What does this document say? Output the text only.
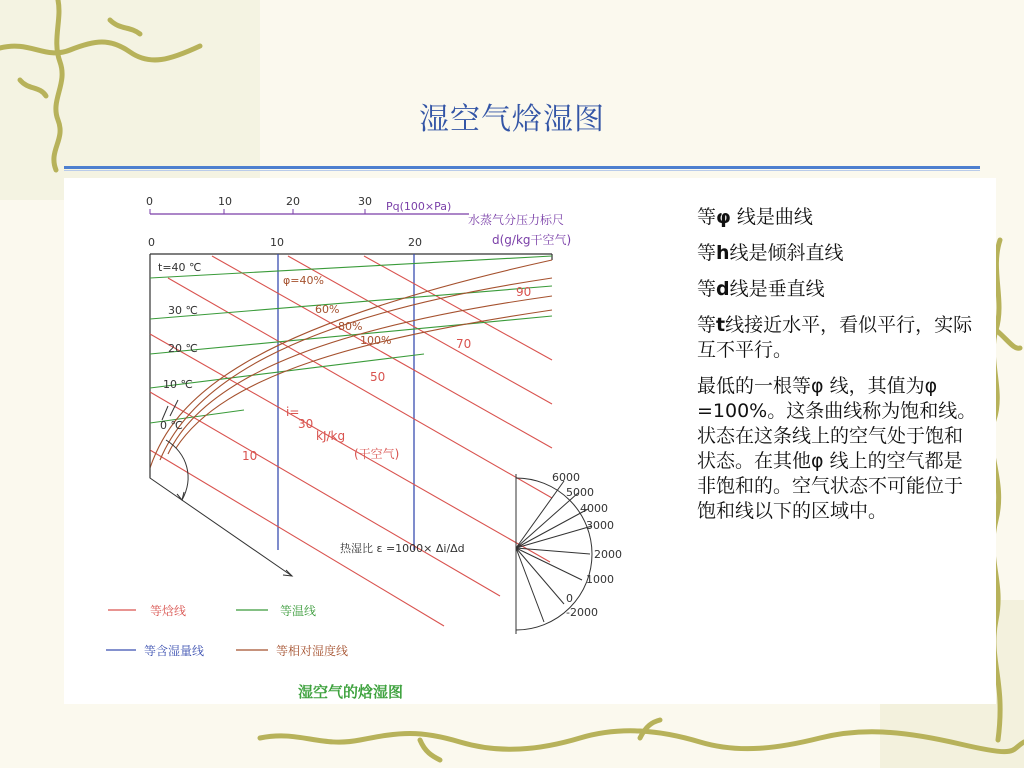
湿空气焓湿图
0	10	20	30 Pq(100×Pa)
水蒸气分压力标尺
0	10	20	d(g/kg干空气)
t=40 ℃
30 ℃
20 ℃
10 ℃
0 ℃
φ=40%
60%
80%
100%
10
i=
30
kJ/kg
(干空气)
50
70
90
热湿比 ε =1000× Δi/Δd
6000
5000
4000
3000
2000
1000
0
-2000
等焓线	等温线
等含湿量线	等相对湿度线
湿空气的焓湿图

等φ 线是曲线

等h线是倾斜直线

等d线是垂直线

等t线接近水平，看似平行，实际互不平行。

最低的一根等φ 线，其值为φ =100%。这条曲线称为饱和线。状态在这条线上的空气处于饱和状态。在其他φ 线上的空气都是非饱和的。空气状态不可能位于饱和线以下的区域中。
